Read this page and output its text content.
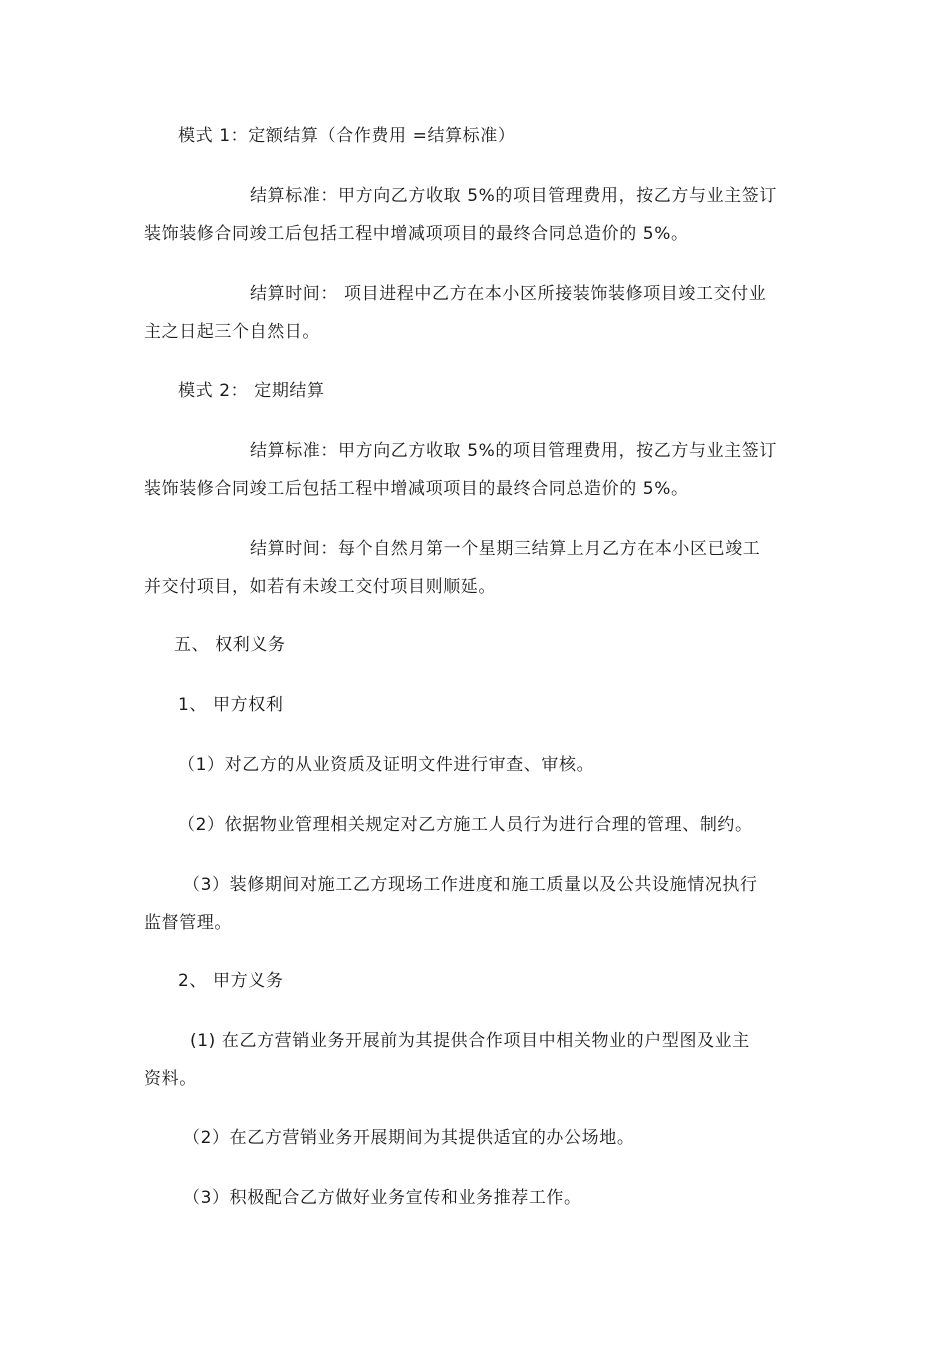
模式 1：定额结算（合作费用 =结算标准）
结算标准：甲方向乙方收取 5%的项目管理费用，按乙方与业主签订
装饰装修合同竣工后包括工程中增减项项目的最终合同总造价的 5%。
结算时间： 项目进程中乙方在本小区所接装饰装修项目竣工交付业
主之日起三个自然日。
模式 2： 定期结算
结算标准：甲方向乙方收取 5%的项目管理费用，按乙方与业主签订
装饰装修合同竣工后包括工程中增减项项目的最终合同总造价的 5%。
结算时间：每个自然月第一个星期三结算上月乙方在本小区已竣工
并交付项目，如若有未竣工交付项目则顺延。
五、 权利义务
1、 甲方权利
（1）对乙方的从业资质及证明文件进行审查、审核。
（2）依据物业管理相关规定对乙方施工人员行为进行合理的管理、制约。
（3）装修期间对施工乙方现场工作进度和施工质量以及公共设施情况执行
监督管理。
2、 甲方义务
(1) 在乙方营销业务开展前为其提供合作项目中相关物业的户型图及业主
资料。
（2）在乙方营销业务开展期间为其提供适宜的办公场地。
（3）积极配合乙方做好业务宣传和业务推荐工作。
